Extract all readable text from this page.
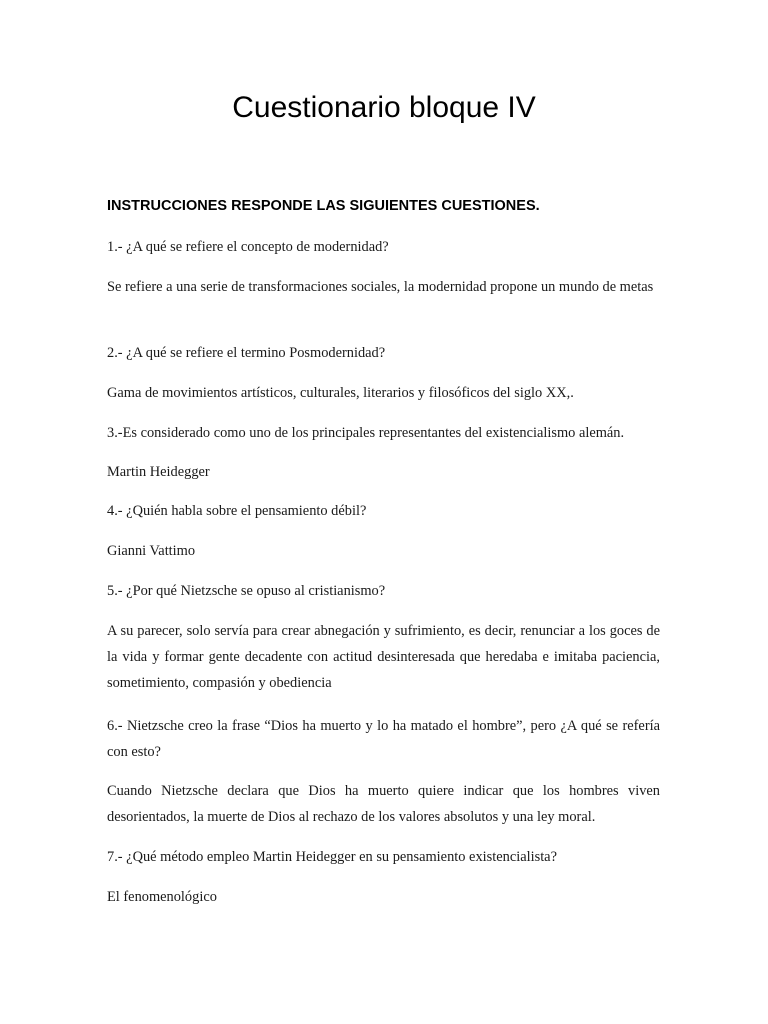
Cuestionario bloque IV

INSTRUCCIONES RESPONDE LAS SIGUIENTES CUESTIONES.

1.- ¿A qué se refiere el concepto de modernidad?

Se refiere a una serie de transformaciones sociales, la modernidad propone un mundo de metas

2.- ¿A qué se refiere el termino Posmodernidad?

Gama de movimientos artísticos, culturales, literarios y filosóficos del siglo XX,.

3.-Es considerado como uno de los principales representantes del existencialismo alemán.

Martin Heidegger

4.- ¿Quién habla sobre el pensamiento débil?

Gianni Vattimo

5.- ¿Por qué Nietzsche se opuso al cristianismo?

A su parecer, solo servía para crear abnegación y sufrimiento, es decir, renunciar a los goces de la vida y formar gente decadente con actitud desinteresada que heredaba e imitaba paciencia, sometimiento, compasión y obediencia

6.- Nietzsche creo la frase “Dios ha muerto y lo ha matado el hombre”, pero ¿A qué se refería con esto?

Cuando Nietzsche declara que Dios ha muerto quiere indicar que los hombres viven desorientados, la muerte de Dios al rechazo de los valores absolutos y una ley moral.

7.- ¿Qué método empleo Martin Heidegger en su pensamiento existencialista?

El fenomenológico
